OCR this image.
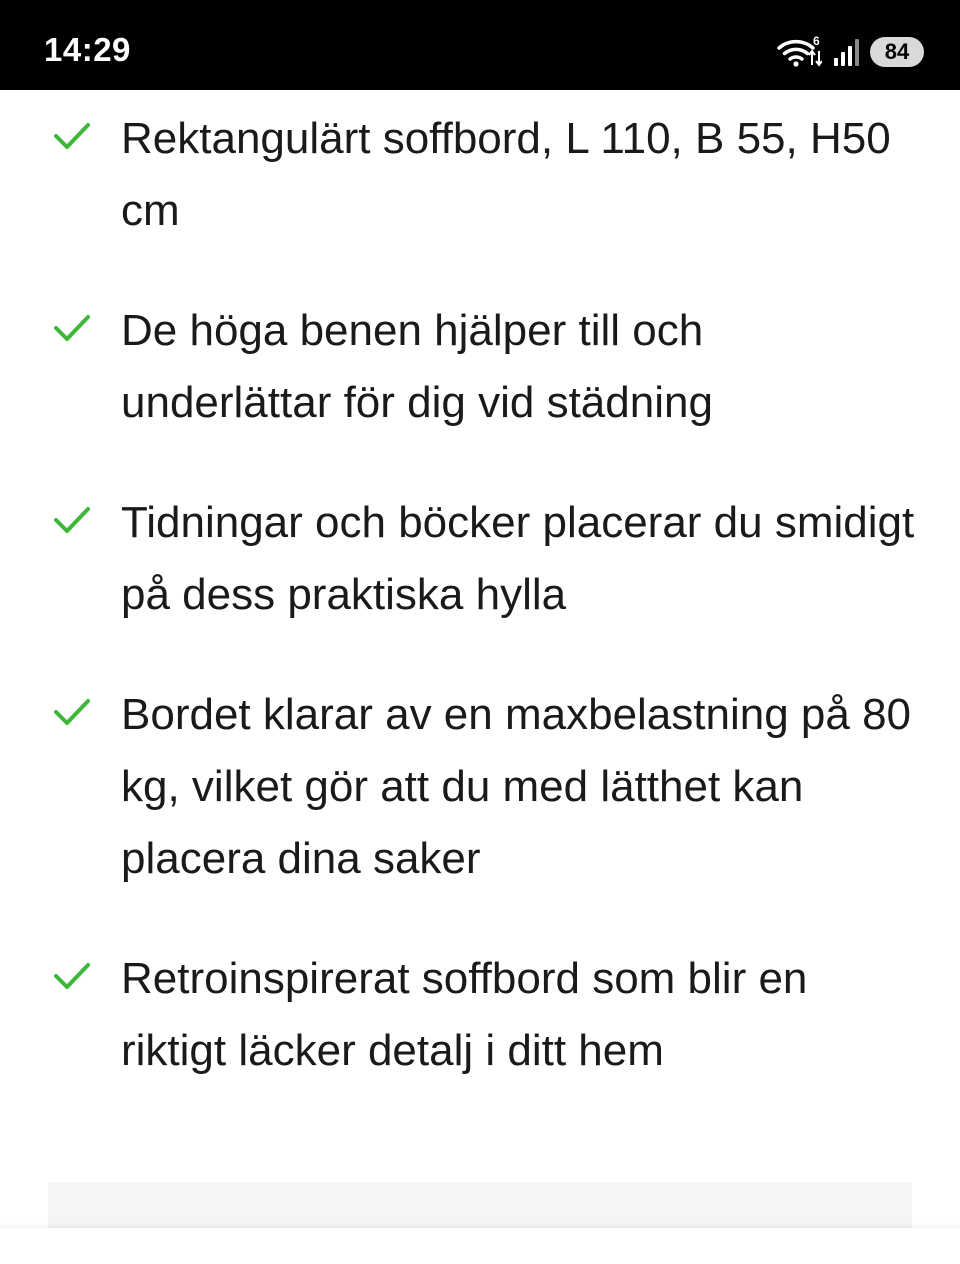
14:29	6	84
Rektangulärt soffbord, L 110, B 55, H50 cm
De höga benen hjälper till och underlättar för dig vid städning
Tidningar och böcker placerar du smidigt på dess praktiska hylla
Bordet klarar av en maxbelastning på 80 kg, vilket gör att du med lätthet kan placera dina saker
Retroinspirerat soffbord som blir en riktigt läcker detalj i ditt hem
